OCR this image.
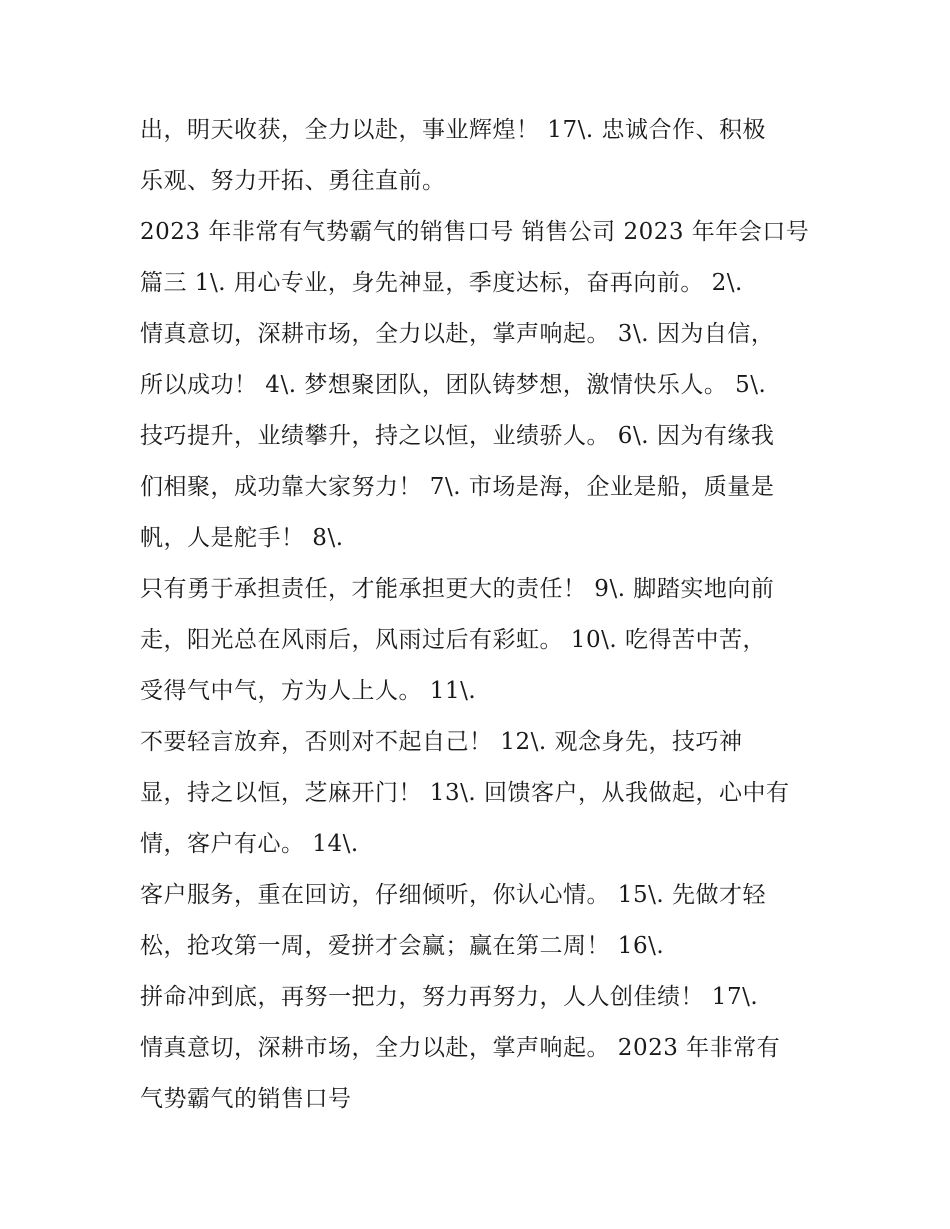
出，明天收获，全力以赴，事业辉煌！ 17\. 忠诚合作、积极
乐观、努力开拓、勇往直前。
2023 年非常有气势霸气的销售口号 销售公司 2023 年年会口号
篇三 1\. 用心专业，身先神显，季度达标，奋再向前。 2\.
情真意切，深耕市场，全力以赴，掌声响起。 3\. 因为自信，
所以成功！ 4\. 梦想聚团队，团队铸梦想，激情快乐人。 5\.
技巧提升，业绩攀升，持之以恒，业绩骄人。 6\. 因为有缘我
们相聚，成功靠大家努力！ 7\. 市场是海，企业是船，质量是
帆，人是舵手！ 8\.
只有勇于承担责任，才能承担更大的责任！ 9\. 脚踏实地向前
走，阳光总在风雨后，风雨过后有彩虹。 10\. 吃得苦中苦，
受得气中气，方为人上人。 11\.
不要轻言放弃，否则对不起自己！ 12\. 观念身先，技巧神
显，持之以恒，芝麻开门！ 13\. 回馈客户，从我做起，心中有
情，客户有心。 14\.
客户服务，重在回访，仔细倾听，你认心情。 15\. 先做才轻
松，抢攻第一周，爱拼才会赢；赢在第二周！ 16\.
拼命冲到底，再努一把力，努力再努力，人人创佳绩！ 17\.
情真意切，深耕市场，全力以赴，掌声响起。 2023 年非常有
气势霸气的销售口号
